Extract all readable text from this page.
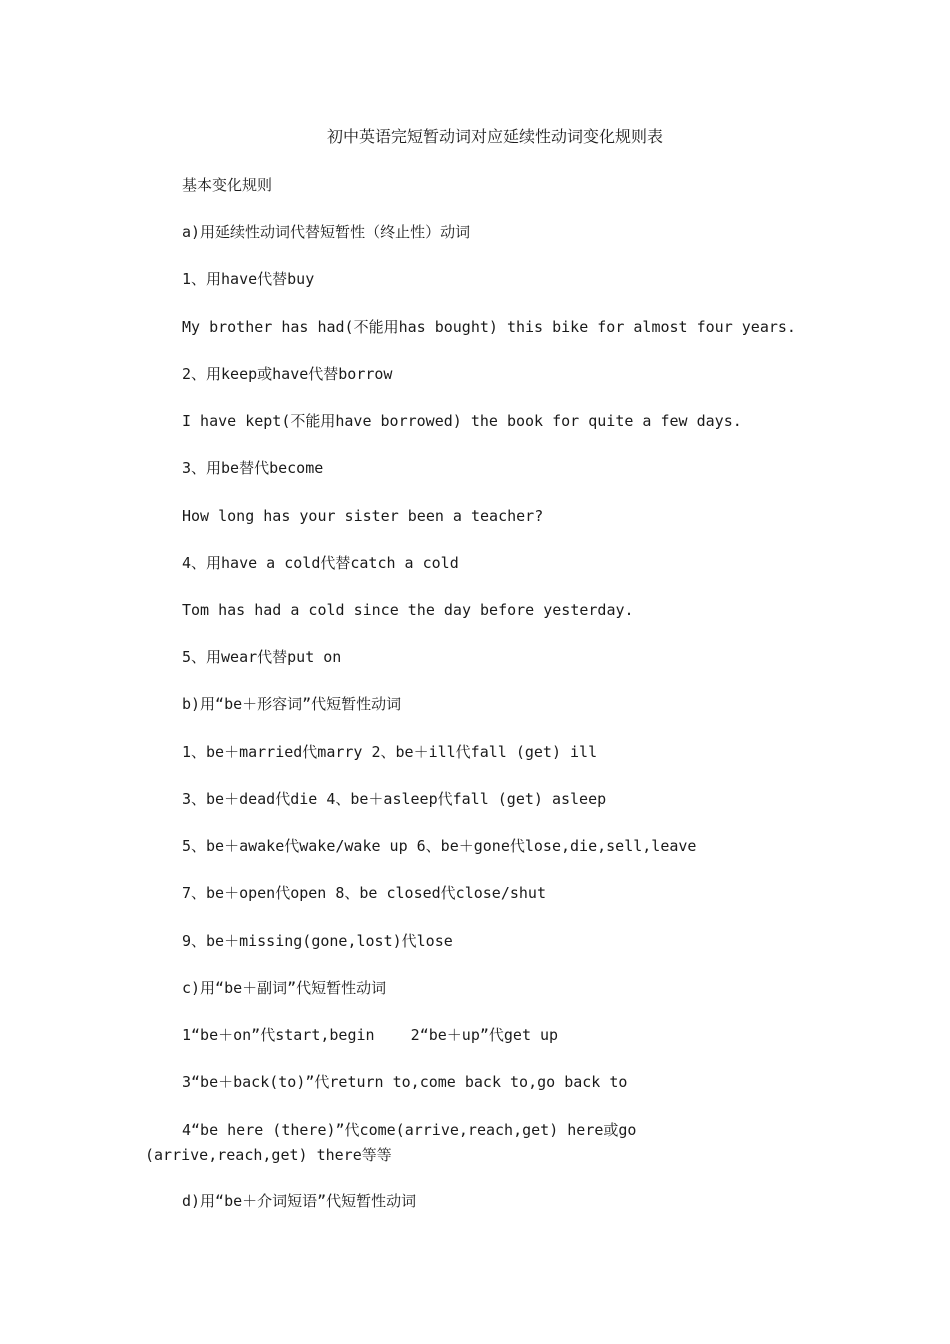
初中英语完短暂动词对应延续性动词变化规则表
基本变化规则
a)用延续性动词代替短暂性（终止性）动词
1、用have代替buy
My brother has had(不能用has bought) this bike for almost four years.
2、用keep或have代替borrow
I have kept(不能用have borrowed) the book for quite a few days.
3、用be替代become
How long has your sister been a teacher?
4、用have a cold代替catch a cold
Tom has had a cold since the day before yesterday.
5、用wear代替put on
b)用“be＋形容词”代短暂性动词
1、be＋married代marry 2、be＋ill代fall (get) ill
3、be＋dead代die 4、be＋asleep代fall (get) asleep
5、be＋awake代wake/wake up 6、be＋gone代lose,die,sell,leave
7、be＋open代open 8、be closed代close/shut
9、be＋missing(gone,lost)代lose
c)用“be＋副词”代短暂性动词
1“be＋on”代start,begin    2“be＋up”代get up
3“be＋back(to)”代return to,come back to,go back to
4“be here (there)”代come(arrive,reach,get) here或go
(arrive,reach,get) there等等
d)用“be＋介词短语”代短暂性动词
